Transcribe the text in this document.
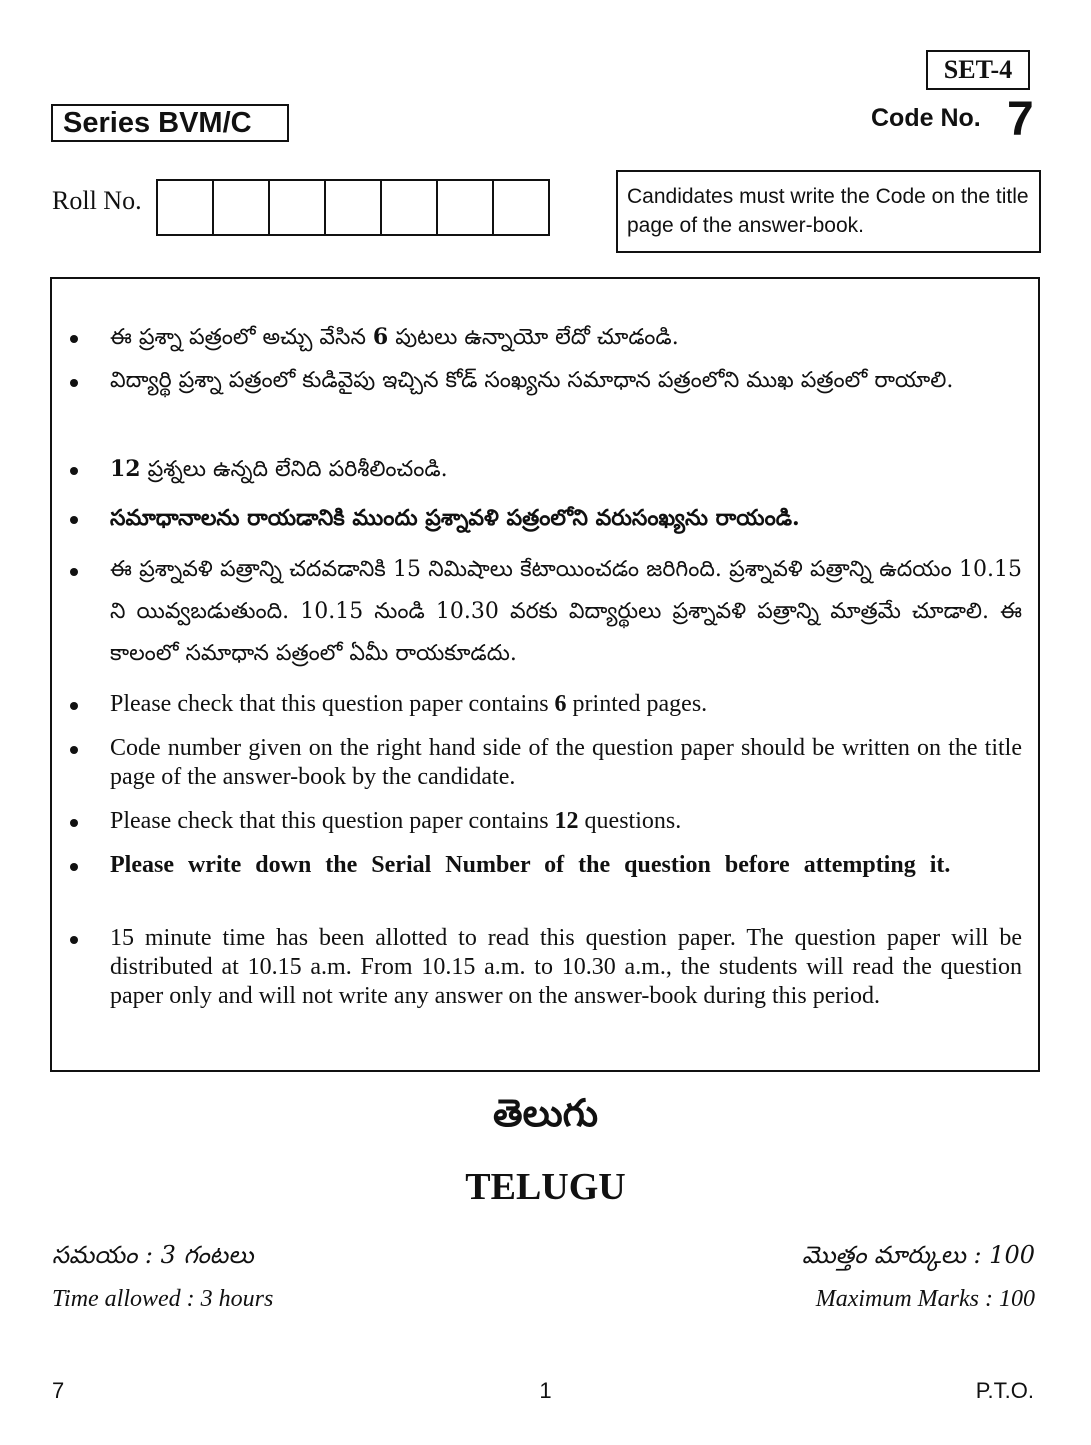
SET-4
Series BVM/C	Code No. 7
Roll No.	Candidates must write the Code on the title page of the answer-book.
ఈ ప్రశ్నా పత్రంలో అచ్చు వేసిన 6 పుటలు ఉన్నాయో లేదో చూడండి.
విద్యార్థి ప్రశ్నా పత్రంలో కుడివైపు ఇచ్చిన కోడ్ సంఖ్యను సమాధాన పత్రంలోని ముఖ పత్రంలో రాయాలి.
12 ప్రశ్నలు ఉన్నది లేనిది పరిశీలించండి.
సమాధానాలను రాయడానికి ముందు ప్రశ్నావళి పత్రంలోని వరుసంఖ్యను రాయండి.
ఈ ప్రశ్నావళి పత్రాన్ని చదవడానికి 15 నిమిషాలు కేటాయించడం జరిగింది. ప్రశ్నావళి పత్రాన్ని ఉదయం 10.15 ని యివ్వబడుతుంది. 10.15 నుండి 10.30 వరకు విద్యార్థులు ప్రశ్నావళి పత్రాన్ని మాత్రమే చూడాలి. ఈ కాలంలో సమాధాన పత్రంలో ఏమీ రాయకూడదు.
Please check that this question paper contains 6 printed pages.
Code number given on the right hand side of the question paper should be written on the title page of the answer-book by the candidate.
Please check that this question paper contains 12 questions.
Please write down the Serial Number of the question before attempting it.
15 minute time has been allotted to read this question paper. The question paper will be distributed at 10.15 a.m. From 10.15 a.m. to 10.30 a.m., the students will read the question paper only and will not write any answer on the answer-book during this period.
తెలుగు
TELUGU
సమయం : 3 గంటలు	మొత్తం మార్కులు : 100
Time allowed : 3 hours	Maximum Marks : 100
7	1	P.T.O.
